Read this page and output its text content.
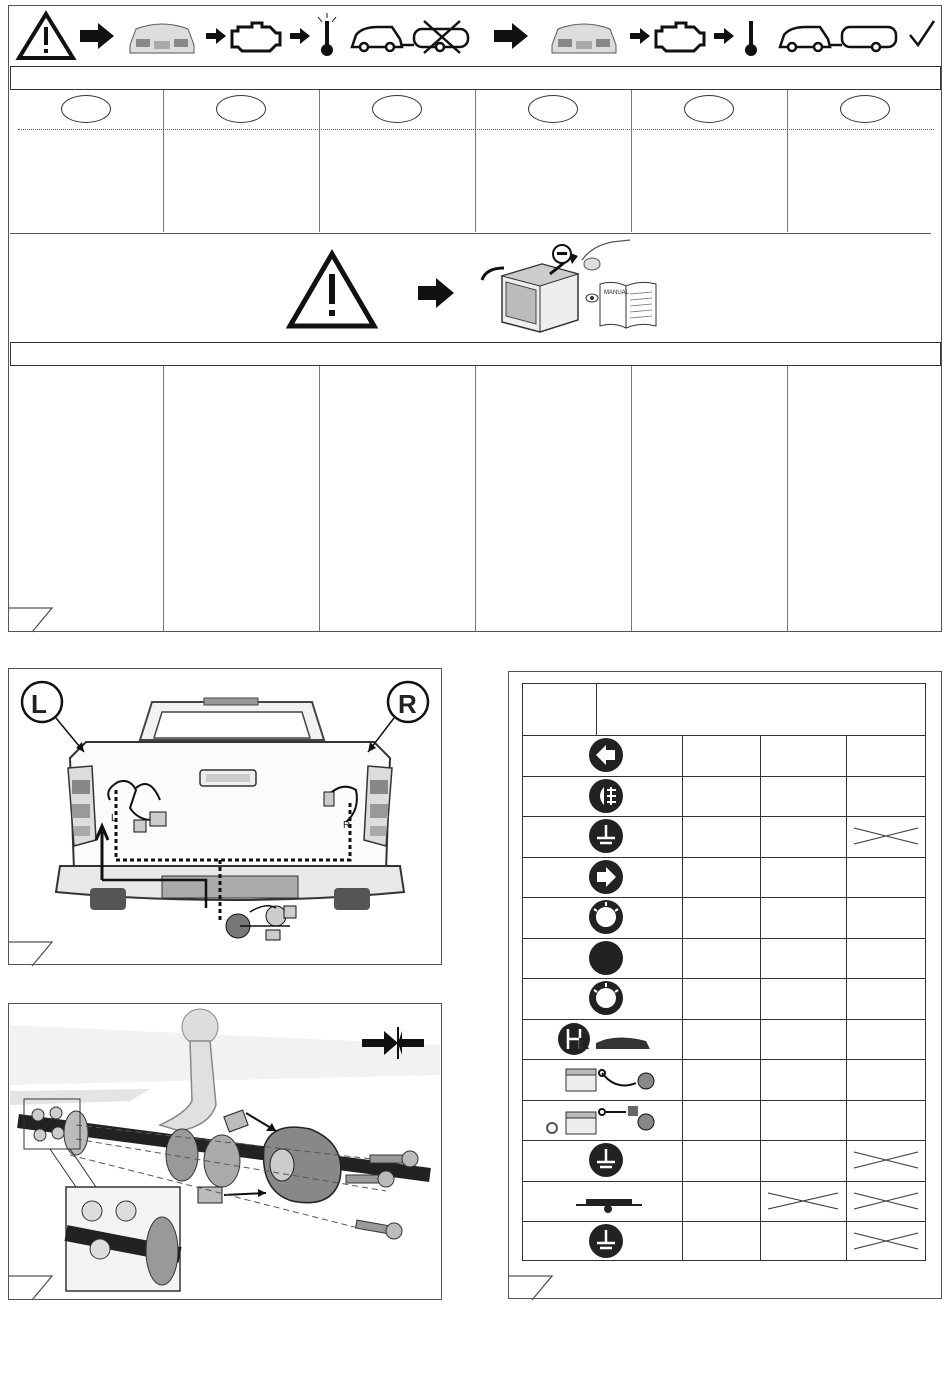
MANUAL
L	R
L
R
R
